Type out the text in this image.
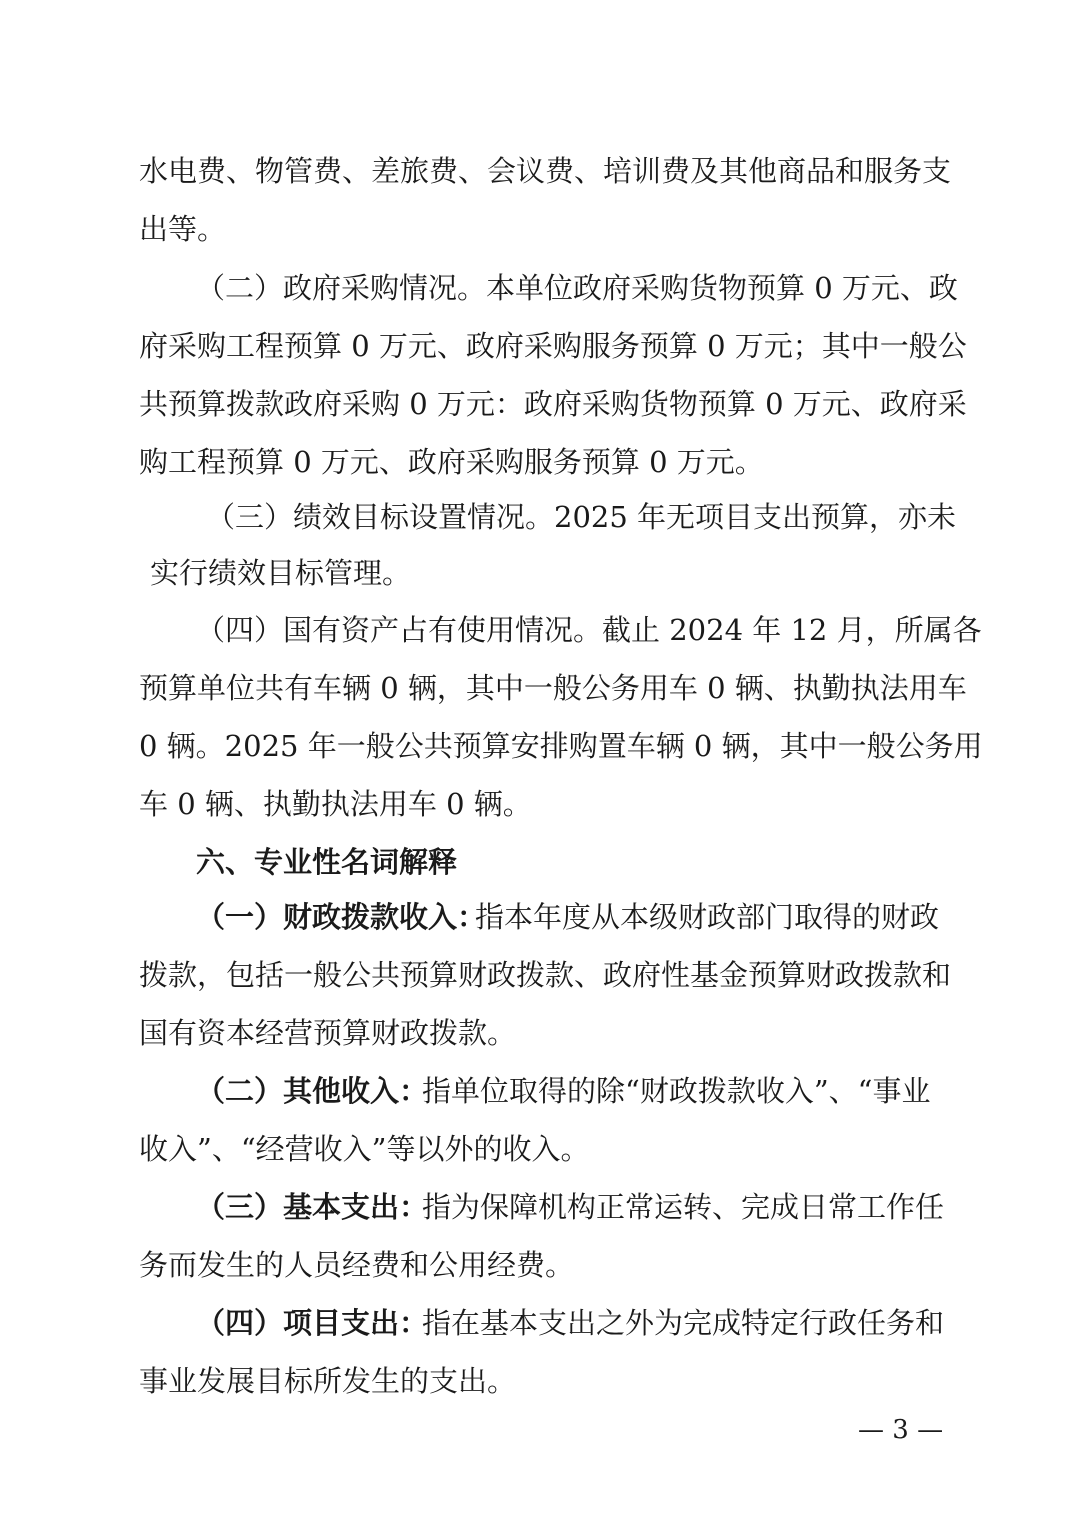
水电费、物管费、差旅费、会议费、培训费及其他商品和服务支
出等。
（二）政府采购情况。本单位政府采购货物预算 0 万元、政
府采购工程预算 0 万元、政府采购服务预算 0 万元；其中一般公
共预算拨款政府采购 0 万元：政府采购货物预算 0 万元、政府采
购工程预算 0 万元、政府采购服务预算 0 万元。
（三）绩效目标设置情况。2025 年无项目支出预算，亦未
实行绩效目标管理。
（四）国有资产占有使用情况。截止 2024 年 12 月，所属各
预算单位共有车辆 0 辆，其中一般公务用车 0 辆、执勤执法用车
0 辆。2025 年一般公共预算安排购置车辆 0 辆，其中一般公务用
车 0 辆、执勤执法用车 0 辆。
六、专业性名词解释
（一）财政拨款收入：
指本年度从本级财政部门取得的财政
拨款，包括一般公共预算财政拨款、政府性基金预算财政拨款和
国有资本经营预算财政拨款。
（二）其他收入：
指单位取得的除“财政拨款收入”、“事业
收入”、“经营收入”等以外的收入。
（三）基本支出：
指为保障机构正常运转、完成日常工作任
务而发生的人员经费和公用经费。
（四）项目支出：
指在基本支出之外为完成特定行政任务和
事业发展目标所发生的支出。
— 3 —
